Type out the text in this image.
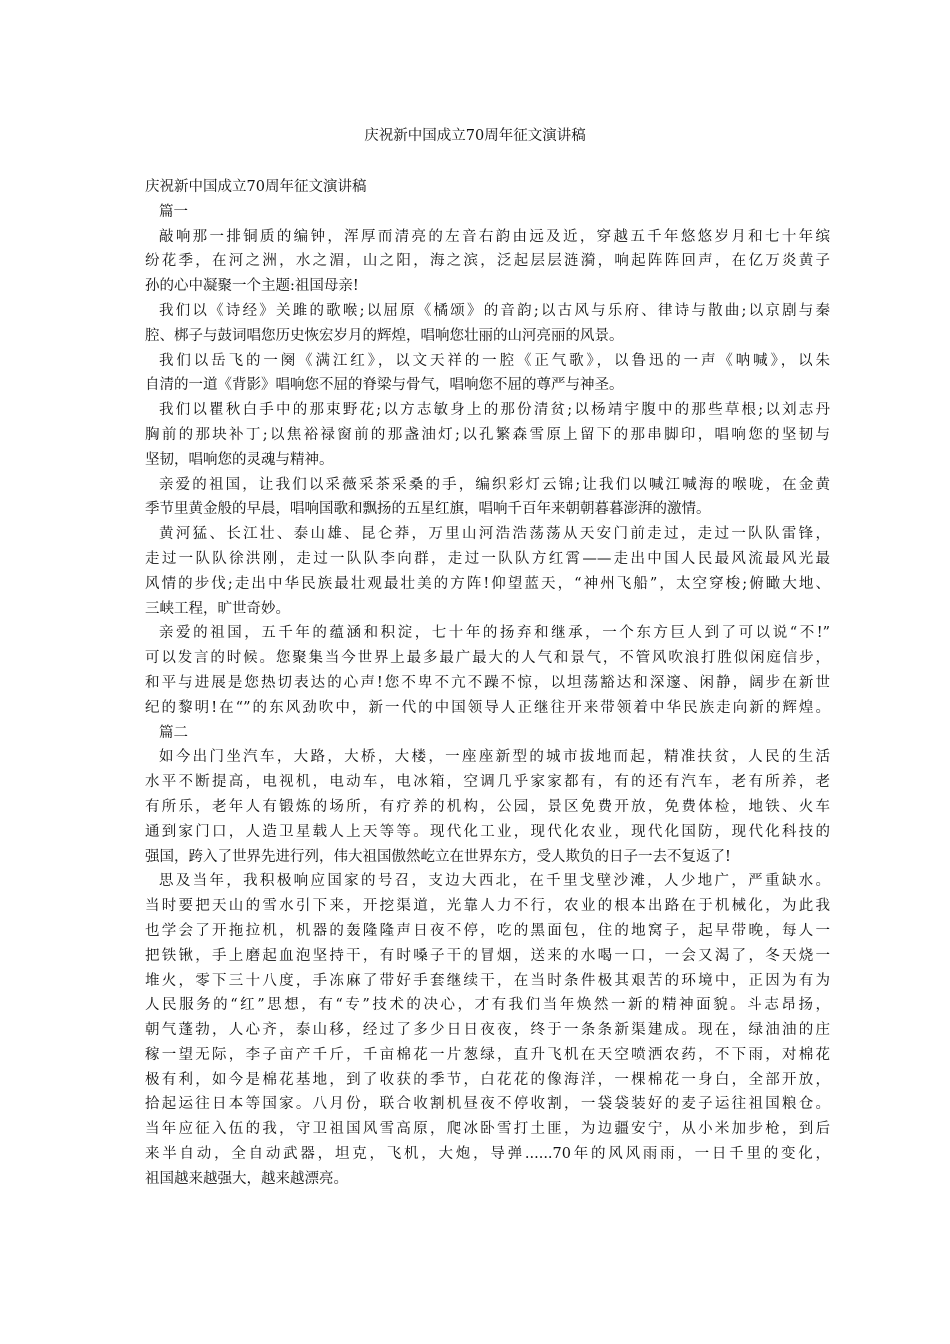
庆祝新中国成立70周年征文演讲稿
庆祝新中国成立70周年征文演讲稿
篇一
敲响那一排铜质的编钟，浑厚而清亮的左音右韵由远及近，穿越五千年悠悠岁月和七十年缤
纷花季，在河之洲，水之湄，山之阳，海之滨，泛起层层涟漪，响起阵阵回声，在亿万炎黄子
孙的心中凝聚一个主题:祖国母亲!
我们以《诗经》关雎的歌喉;以屈原《橘颂》的音韵;以古风与乐府、律诗与散曲;以京剧与秦
腔、梆子与鼓词唱您历史恢宏岁月的辉煌，唱响您壮丽的山河亮丽的风景。
我们以岳飞的一阕《满江红》，以文天祥的一腔《正气歌》，以鲁迅的一声《呐喊》，以朱
自清的一道《背影》唱响您不屈的脊梁与骨气，唱响您不屈的尊严与神圣。
我们以瞿秋白手中的那束野花;以方志敏身上的那份清贫;以杨靖宇腹中的那些草根;以刘志丹
胸前的那块补丁;以焦裕禄窗前的那盏油灯;以孔繁森雪原上留下的那串脚印，唱响您的坚韧与
坚韧，唱响您的灵魂与精神。
亲爱的祖国，让我们以采薇采茶采桑的手，编织彩灯云锦;让我们以喊江喊海的喉咙，在金黄
季节里黄金般的早晨，唱响国歌和飘扬的五星红旗，唱响千百年来朝朝暮暮澎湃的激情。
黄河猛、长江壮、泰山雄、昆仑莽，万里山河浩浩荡荡从天安门前走过，走过一队队雷锋，
走过一队队徐洪刚，走过一队队李向群，走过一队队方红霄——走出中国人民最风流最风光最
风情的步伐;走出中华民族最壮观最壮美的方阵!仰望蓝天，“神州飞船”，太空穿梭;俯瞰大地、
三峡工程，旷世奇妙。
亲爱的祖国，五千年的蕴涵和积淀，七十年的扬弃和继承，一个东方巨人到了可以说“不!”
可以发言的时候。您聚集当今世界上最多最广最大的人气和景气，不管风吹浪打胜似闲庭信步，
和平与进展是您热切表达的心声!您不卑不亢不躁不惊，以坦荡豁达和深邃、闲静，阔步在新世
纪的黎明!在“”的东风劲吹中，新一代的中国领导人正继往开来带领着中华民族走向新的辉煌。
篇二
如今出门坐汽车，大路，大桥，大楼，一座座新型的城市拔地而起，精准扶贫，人民的生活
水平不断提高，电视机，电动车，电冰箱，空调几乎家家都有，有的还有汽车，老有所养，老
有所乐，老年人有锻炼的场所，有疗养的机构，公园，景区免费开放，免费体检，地铁、火车
通到家门口，人造卫星载人上天等等。现代化工业，现代化农业，现代化国防，现代化科技的
强国，跨入了世界先进行列，伟大祖国傲然屹立在世界东方，受人欺负的日子一去不复返了!
思及当年，我积极响应国家的号召，支边大西北，在千里戈壁沙滩，人少地广，严重缺水。
当时要把天山的雪水引下来，开挖渠道，光靠人力不行，农业的根本出路在于机械化，为此我
也学会了开拖拉机，机器的轰隆隆声日夜不停，吃的黑面包，住的地窝子，起早带晚，每人一
把铁锹，手上磨起血泡坚持干，有时嗓子干的冒烟，送来的水喝一口，一会又渴了，冬天烧一
堆火，零下三十八度，手冻麻了带好手套继续干，在当时条件极其艰苦的环境中，正因为有为
人民服务的“红”思想，有“专”技术的决心，才有我们当年焕然一新的精神面貌。斗志昂扬，
朝气蓬勃，人心齐，泰山移，经过了多少日日夜夜，终于一条条新渠建成。现在，绿油油的庄
稼一望无际，李子亩产千斤，千亩棉花一片葱绿，直升飞机在天空喷洒农药，不下雨，对棉花
极有利，如今是棉花基地，到了收获的季节，白花花的像海洋，一棵棉花一身白，全部开放，
拾起运往日本等国家。八月份，联合收割机昼夜不停收割，一袋袋装好的麦子运往祖国粮仓。
当年应征入伍的我，守卫祖国风雪高原，爬冰卧雪打土匪，为边疆安宁，从小米加步枪，到后
来半自动，全自动武器，坦克，飞机，大炮，导弹......70年的风风雨雨，一日千里的变化，
祖国越来越强大，越来越漂亮。
